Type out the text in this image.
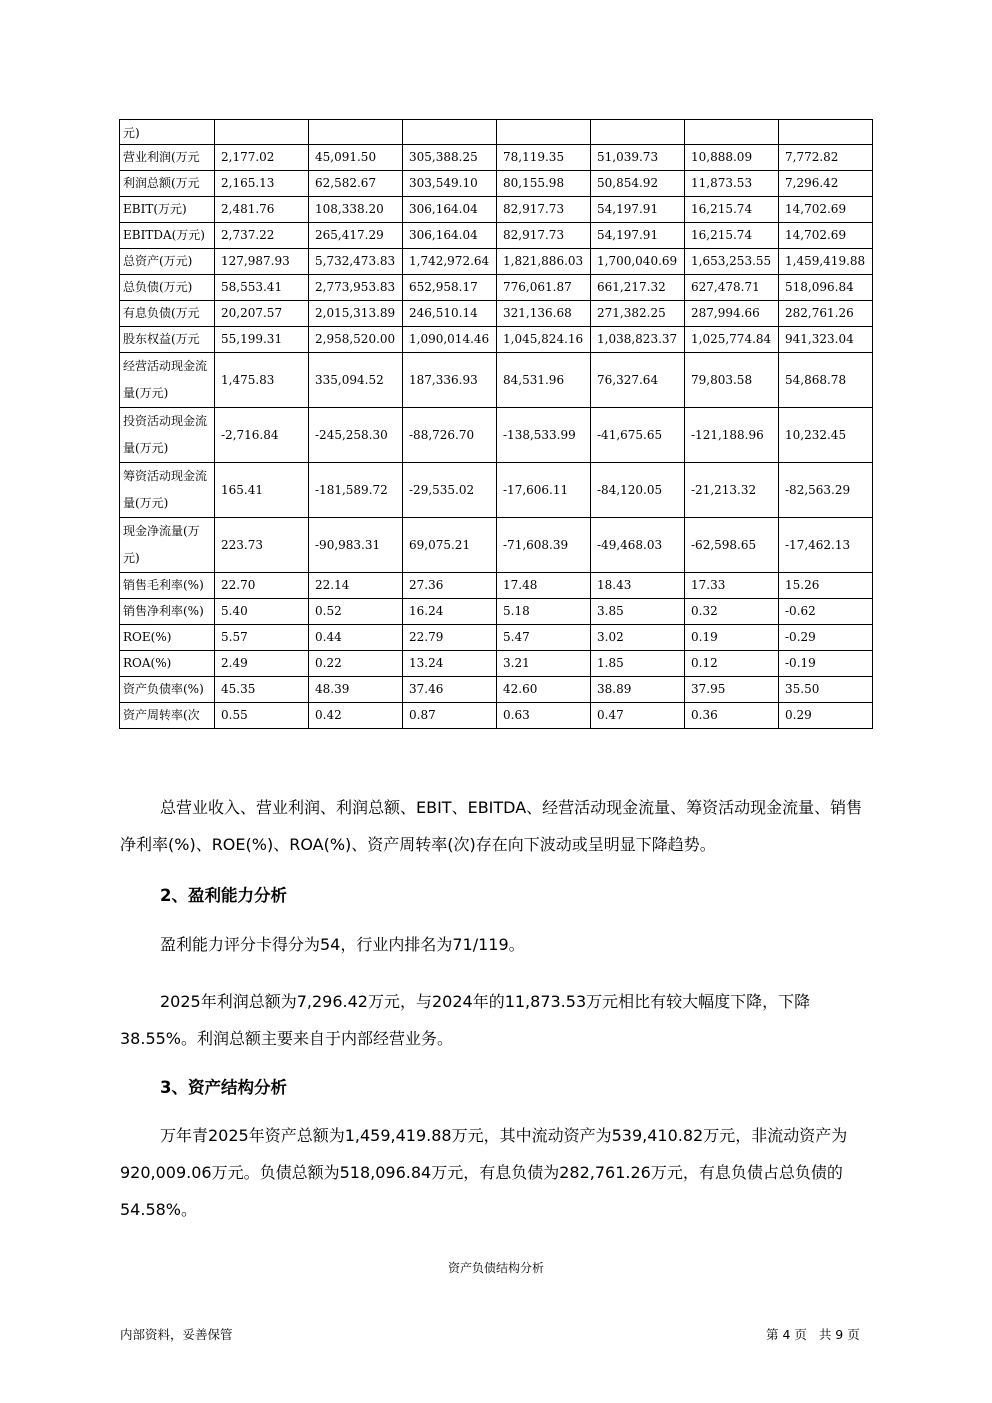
元)							
营业利润(万元	2,177.02	45,091.50	305,388.25	78,119.35	51,039.73	10,888.09	7,772.82
利润总额(万元	2,165.13	62,582.67	303,549.10	80,155.98	50,854.92	11,873.53	7,296.42
EBIT(万元)	2,481.76	108,338.20	306,164.04	82,917.73	54,197.91	16,215.74	14,702.69
EBITDA(万元)	2,737.22	265,417.29	306,164.04	82,917.73	54,197.91	16,215.74	14,702.69
总资产(万元)	127,987.93	5,732,473.83	1,742,972.64	1,821,886.03	1,700,040.69	1,653,253.55	1,459,419.88
总负债(万元)	58,553.41	2,773,953.83	652,958.17	776,061.87	661,217.32	627,478.71	518,096.84
有息负债(万元	20,207.57	2,015,313.89	246,510.14	321,136.68	271,382.25	287,994.66	282,761.26
股东权益(万元	55,199.31	2,958,520.00	1,090,014.46	1,045,824.16	1,038,823.37	1,025,774.84	941,323.04

经营活动现金流量(万元)	1,475.83	335,094.52	187,336.93	84,531.96	76,327.64	79,803.58	54,868.78

投资活动现金流量(万元)	-2,716.84	-245,258.30	-88,726.70	-138,533.99	-41,675.65	-121,188.96	10,232.45

筹资活动现金流量(万元)	165.41	-181,589.72	-29,535.02	-17,606.11	-84,120.05	-21,213.32	-82,563.29

现金净流量(万元)	223.73	-90,983.31	69,075.21	-71,608.39	-49,468.03	-62,598.65	-17,462.13
销售毛利率(%)	22.70	22.14	27.36	17.48	18.43	17.33	15.26
销售净利率(%)	5.40	0.52	16.24	5.18	3.85	0.32	-0.62
ROE(%)	5.57	0.44	22.79	5.47	3.02	0.19	-0.29
ROA(%)	2.49	0.22	13.24	3.21	1.85	0.12	-0.19
资产负债率(%)	45.35	48.39	37.46	42.60	38.89	37.95	35.50
资产周转率(次	0.55	0.42	0.87	0.63	0.47	0.36	0.29

总营业收入、营业利润、利润总额、EBIT、EBITDA、经营活动现金流量、筹资活动现金流量、销售净利率(%)、ROE(%)、ROA(%)、资产周转率(次)存在向下波动或呈明显下降趋势。

2、盈利能力分析

盈利能力评分卡得分为54，行业内排名为71/119。

2025年利润总额为7,296.42万元，与2024年的11,873.53万元相比有较大幅度下降，下降38.55%。利润总额主要来自于内部经营业务。

3、资产结构分析

万年青2025年资产总额为1,459,419.88万元，其中流动资产为539,410.82万元，非流动资产为920,009.06万元。负债总额为518,096.84万元，有息负债为282,761.26万元，有息负债占总负债的54.58%。

资产负债结构分析
内部资料，妥善保管	第 4 页   共 9 页
